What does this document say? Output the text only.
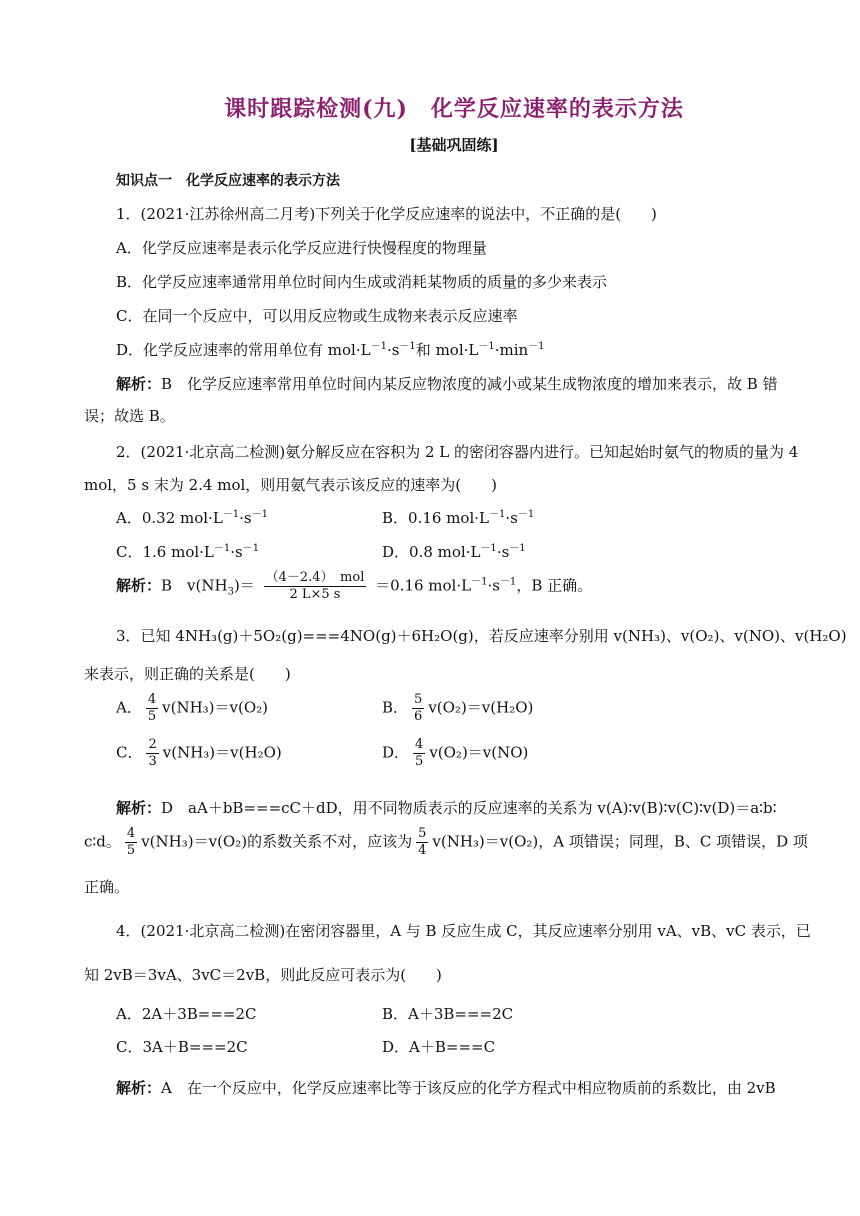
课时跟踪检测(九)　化学反应速率的表示方法
[基础巩固练]
知识点一　化学反应速率的表示方法
1．(2021·江苏徐州高二月考)下列关于化学反应速率的说法中，不正确的是(　　)
A．化学反应速率是表示化学反应进行快慢程度的物理量
B．化学反应速率通常用单位时间内生成或消耗某物质的质量的多少来表示
C．在同一个反应中，可以用反应物或生成物来表示反应速率
D．化学反应速率的常用单位有 $mol\cdot L^{-1}\cdot s^{-1}$和 $mol\cdot L^{-1}\cdot\min^{-1}$
解析：B　化学反应速率常用单位时间内某反应物浓度的减小或某生成物浓度的增加来表示，故 B 错
误；故选 B。
2．(2021·北京高二检测)氨分解反应在容积为 2 L 的密闭容器内进行。已知起始时氨气的物质的量为 4
mol，5 s 末为 2.4 mol，则用氨气表示该反应的速率为(　　)
A．0.32 $mol\cdot L^{-1}\cdot s^{-1}$	B．0.16 $mol\cdot L^{-1}\cdot s^{-1}$
C．1.6 $mol\cdot L^{-1}\cdot s^{-1}$	D．0.8 $mol\cdot L^{-1}\cdot s^{-1}$
解析：B　$v(NH_3)= \frac{\text{（4－2.4）　mol}}{2 L\times 5 s} =0.16$ $mol\cdot L^{-1}\cdot s^{-1}$，B 正确。
3．已知 4NH₃(g)＋5O₂(g)===4NO(g)＋6H₂O(g)，若反应速率分别用 v(NH₃)、v(O₂)、v(NO)、v(H₂O)
来表示，则正确的关系是(　　)
A． $\frac{4}{5} v(NH_3)=v(O_2)$	B． $\frac{5}{6} v(O_2)=v(H_2O)$
C． $\frac{2}{3} v(NH_3)=v(H_2O)$	D． $\frac{4}{5} v(O_2)=v(NO)$
解析：D　aA＋bB===cC＋dD，用不同物质表示的反应速率的关系为 v(A)∶v(B)∶v(C)∶v(D)＝a∶b∶
c∶d。 $\frac{4}{5} v(NH_3)=v(O_2)$的系数关系不对，应该为 $\frac{5}{4} v(NH_3)=v(O_2)$，A 项错误；同理，B、C 项错误，D 项
正确。
4．(2021·北京高二检测)在密闭容器里，A 与 B 反应生成 C，其反应速率分别用 vA、vB、vC 表示，已
知 2vB＝3vA、3vC＝2vB，则此反应可表示为(　　)
A．2A＋3B===2C	B．A＋3B===2C
C．3A＋B===2C	D．A＋B===C
解析：A　在一个反应中，化学反应速率比等于该反应的化学方程式中相应物质前的系数比，由 2vB
